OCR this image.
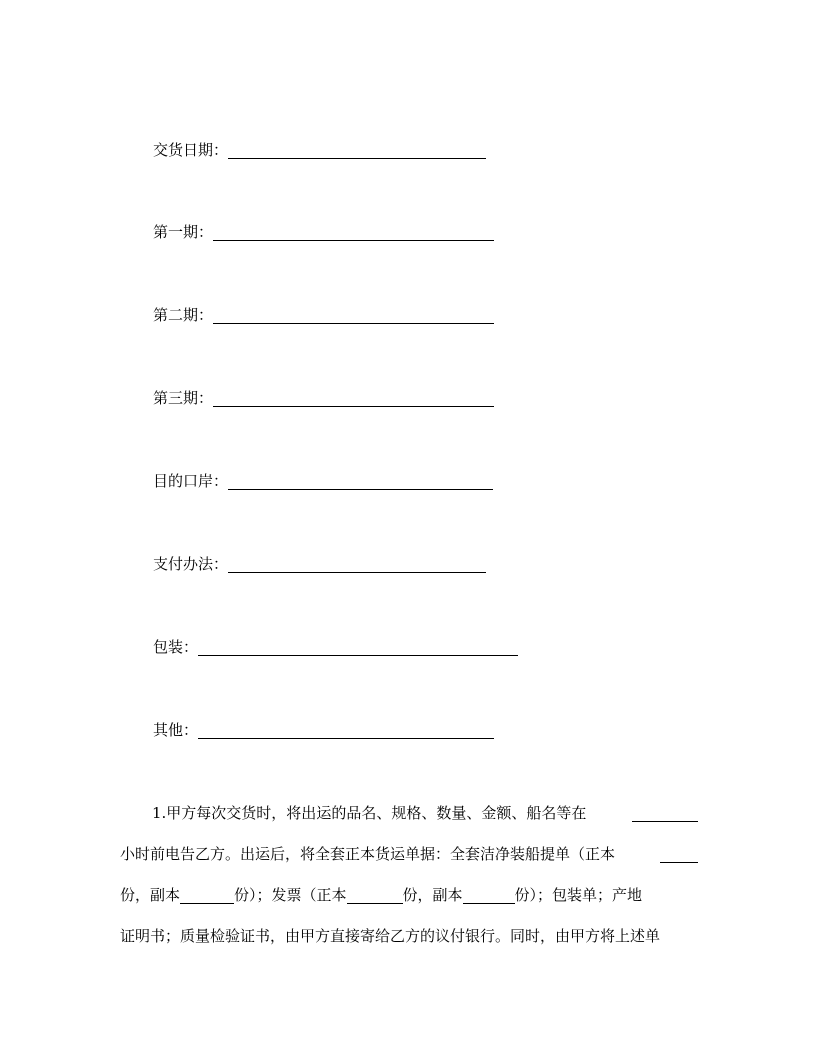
交货日期：
第一期：
第二期：
第三期：
目的口岸：
支付办法：
包装：
其他：
1.甲方每次交货时，将出运的品名、规格、数量、金额、船名等在
小时前电告乙方。出运后，将全套正本货运单据：全套洁净装船提单（正本
份，副本	份）；发票（正本	份，副本	份）；包装单；产地
证明书；质量检验证书，由甲方直接寄给乙方的议付银行。同时，由甲方将上述单
